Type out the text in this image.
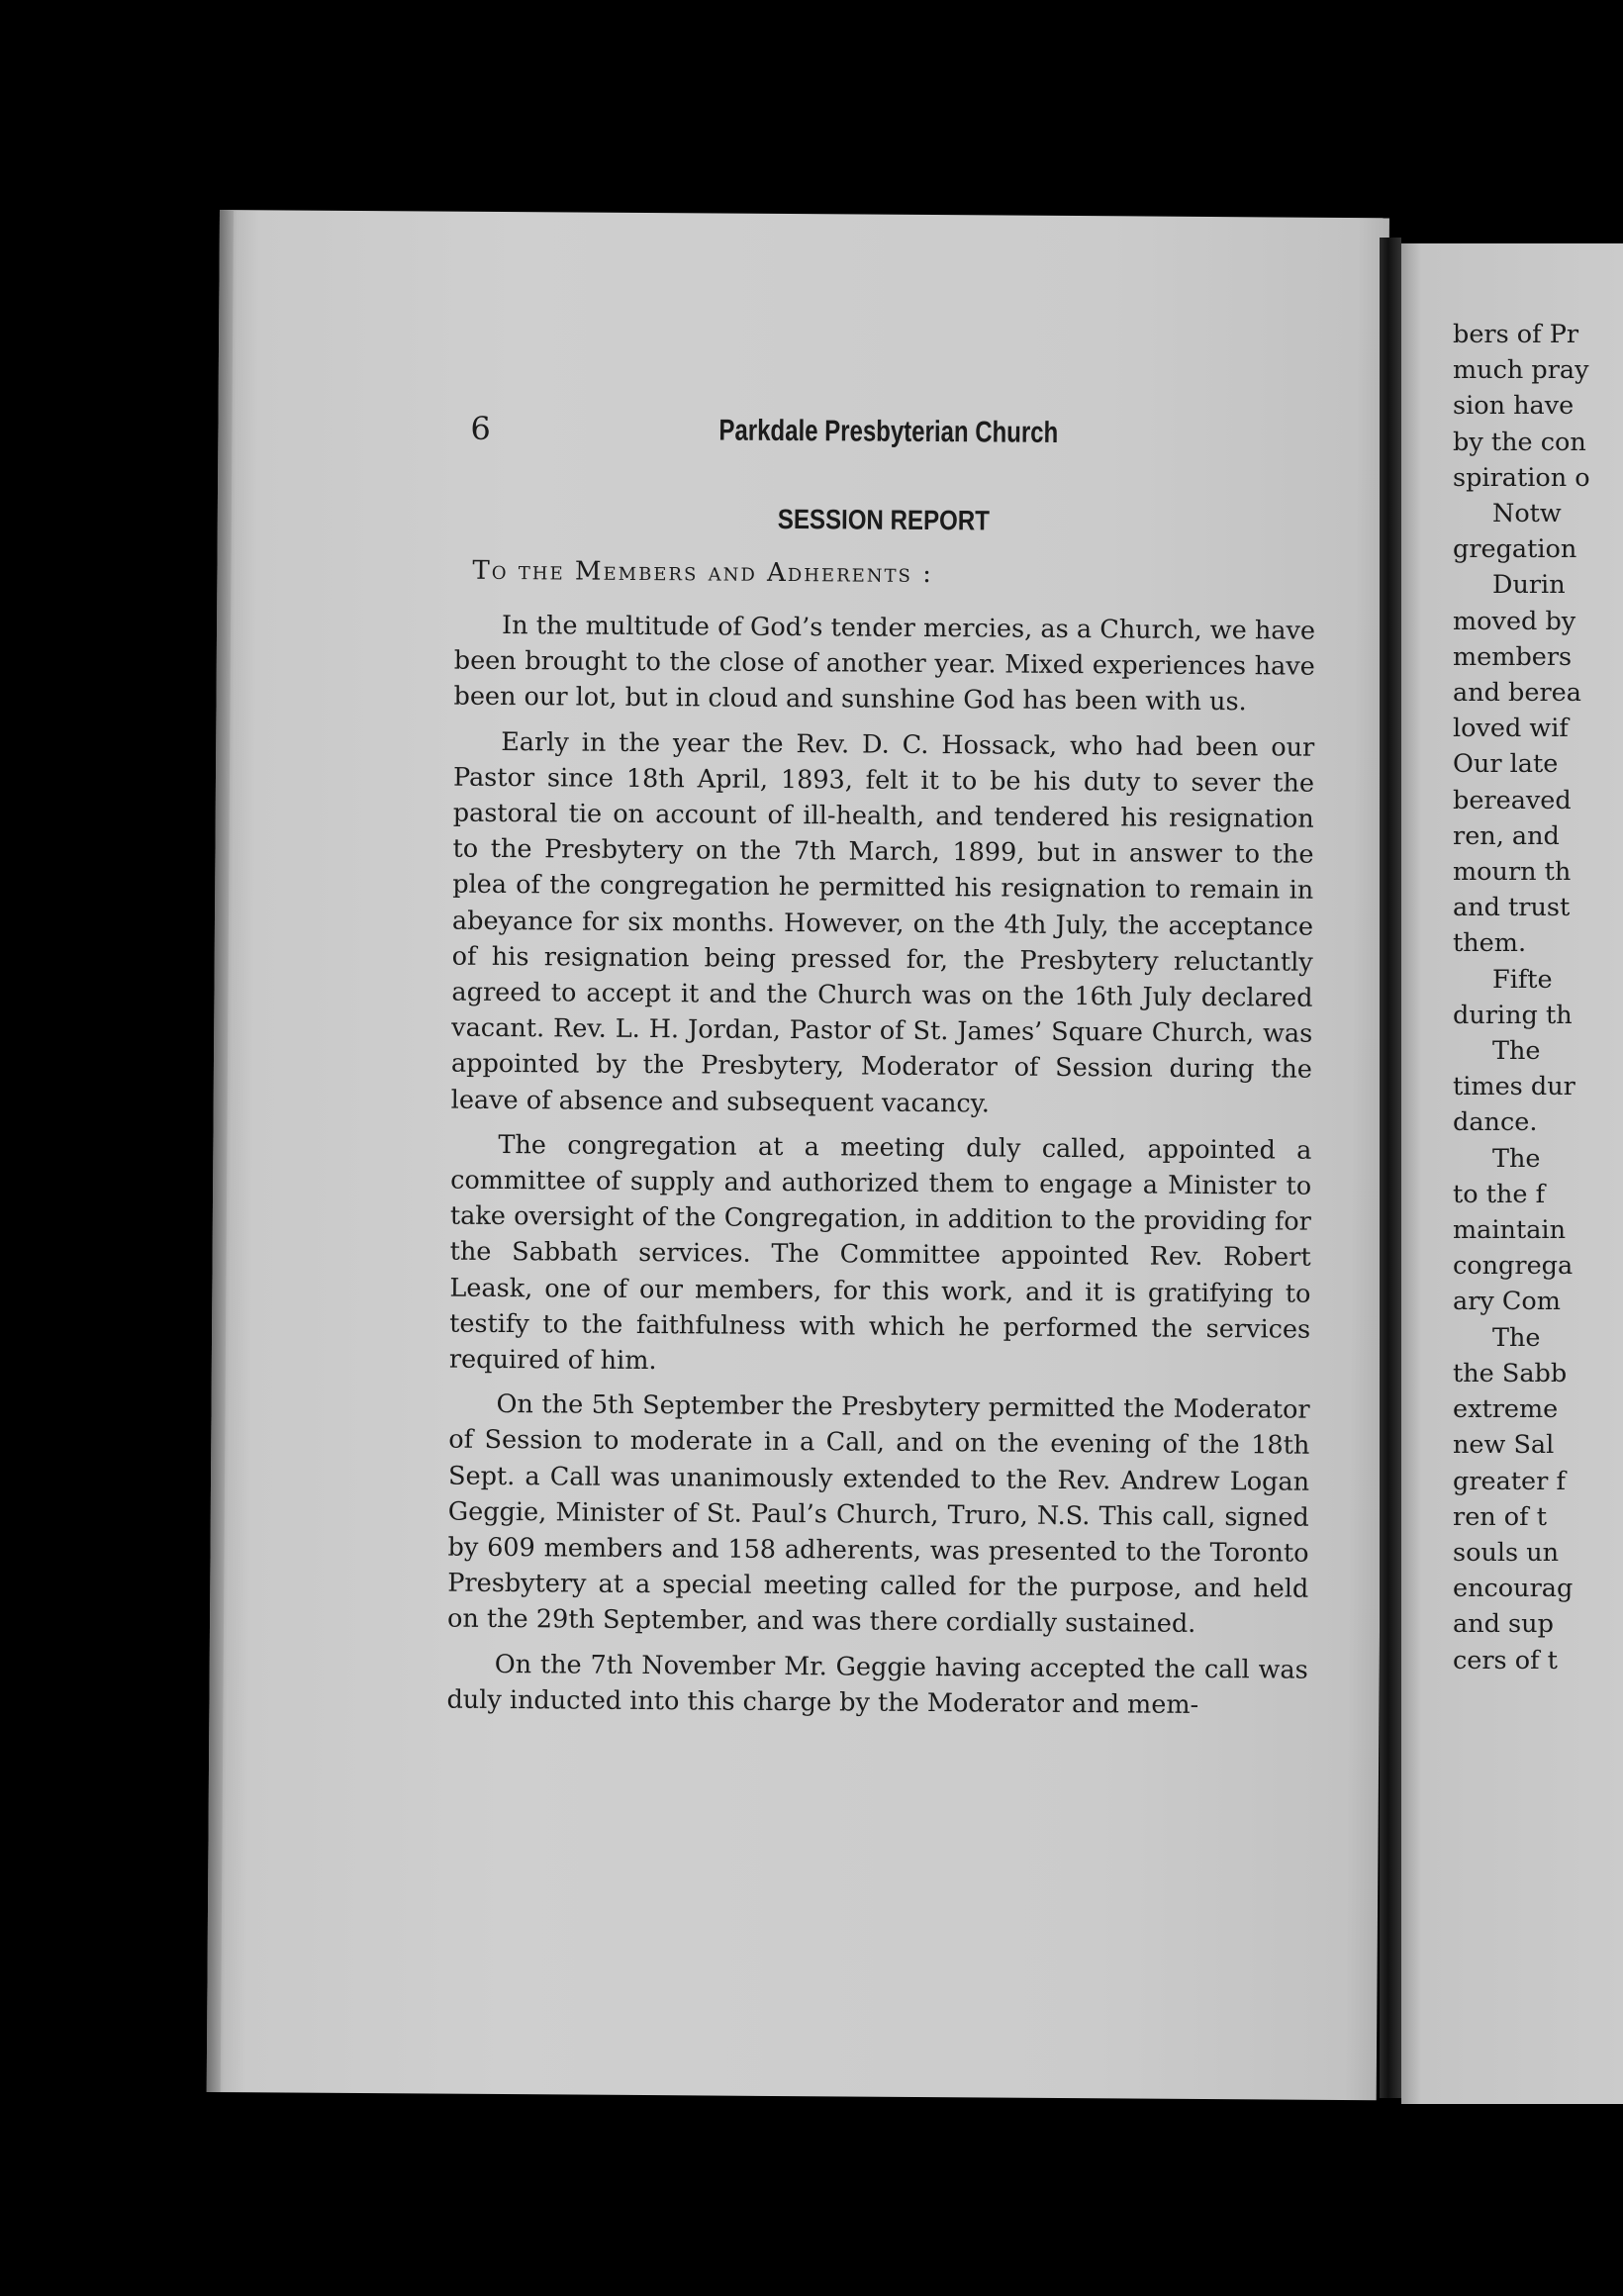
6	Parkdale Presbyterian Church
SESSION REPORT
To the Members and Adherents :

In the multitude of God’s tender mercies, as a Church, we have been brought to the close of another year. Mixed experiences have been our lot, but in cloud and sunshine God has been with us.

Early in the year the Rev. D. C. Hossack, who had been our Pastor since 18th April, 1893, felt it to be his duty to sever the pastoral tie on account of ill-health, and tendered his resignation to the Presbytery on the 7th March, 1899, but in answer to the plea of the congregation he permitted his resignation to remain in abeyance for six months. However, on the 4th July, the acceptance of his resignation being pressed for, the Presbytery reluctantly agreed to accept it and the Church was on the 16th July declared vacant. Rev. L. H. Jordan, Pastor of St. James’ Square Church, was appointed by the Presbytery, Moderator of Session during the leave of absence and subsequent vacancy.

The congregation at a meeting duly called, appointed a committee of supply and authorized them to engage a Minister to take oversight of the Congregation, in addition to the providing for the Sabbath services. The Committee appointed Rev. Robert Leask, one of our members, for this work, and it is gratifying to testify to the faithfulness with which he performed the services required of him.

On the 5th September the Presbytery permitted the Moderator of Session to moderate in a Call, and on the evening of the 18th Sept. a Call was unanimously extended to the Rev. Andrew Logan Geggie, Minister of St. Paul’s Church, Truro, N.S. This call, signed by 609 members and 158 adherents, was presented to the Toronto Presbytery at a special meeting called for the purpose, and held on the 29th September, and was there cordially sustained.

On the 7th November Mr. Geggie having accepted the call was duly inducted into this charge by the Moderator and mem-

bers of Pr
much pray
sion have
by the con
spiration o
Notw
gregation
Durin
moved by
members
and berea
loved wif
Our late
bereaved
ren, and
mourn th
and trust
them.
Fifte
during th
The
times dur
dance.
The
to the f
maintain
congrega
ary Com
The
the Sabb
extreme
new Sal
greater f
ren of t
souls un
encourag
and sup
cers of t
